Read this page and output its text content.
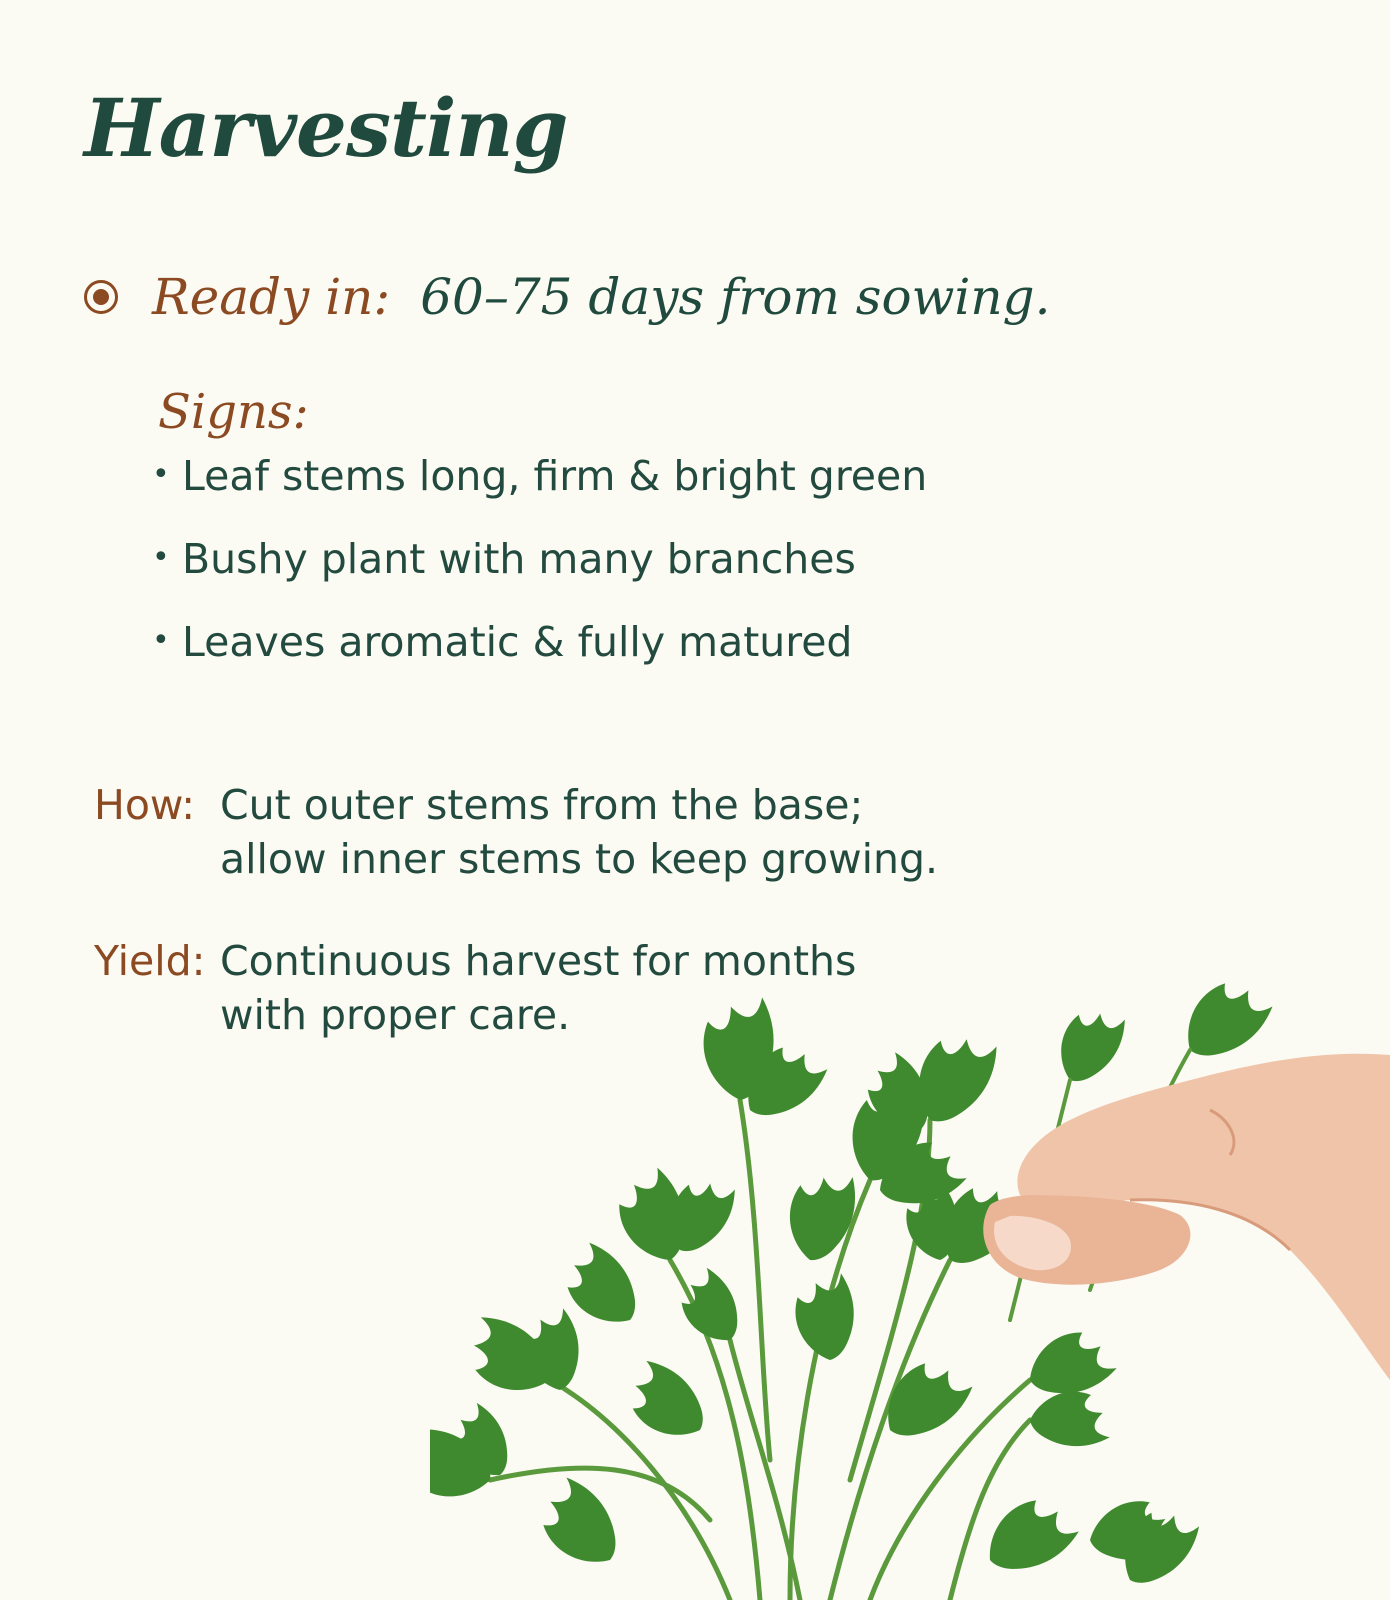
Harvesting
Ready in: 60–75 days from sowing.
Signs:
• Leaf stems long, firm & bright green
• Bushy plant with many branches
• Leaves aromatic & fully matured
How: Cut outer stems from the base;
allow inner stems to keep growing.
Yield: Continuous harvest for months
with proper care.
